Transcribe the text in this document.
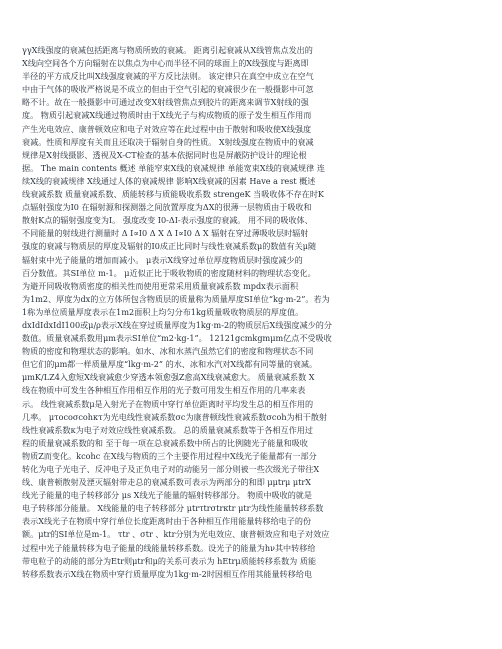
γγX线强度的衰减包括距离与物质所致的衰减。 距离引起衰减从X线管焦点发出的
X线向空间各个方向辐射在以焦点为中心而半径不同的球面上的X线强度与距离即
半径的平方成反比叫X线强度衰减的平方反比法则。 该定律只在真空中成立在空气
中由于气体的吸收严格说是不成立的但由于空气引起的衰减很少在一般摄影中可忽
略不计。故在一般摄影中可通过改变X射线管焦点到胶片的距离来调节X射线的强
度。 物质引起衰减X线通过物质时由于X线光子与构成物质的原子发生相互作用而
产生光电效应、康普顿效应和电子对效应等在此过程中由于散射和吸收使X线强度
衰减。性质和厚度有关而且还取决于辐射自身的性质。 X射线强度在物质中的衰减
规律是X射线摄影、透视及X-CT检查的基本依据同时也是屏蔽防护设计的理论根
据。 The main contents 概述 单能窄束X线的衰减规律 单能宽束X线的衰减规律 连
续X线的衰减规律 X线通过人体的衰减规律 影响X线衰减的因素 Have a rest 概述
线衰减系数 质量衰减系数、质能转移与质能吸收系数 strengeK 当吸收体不存在时K
点辐射强度为I0 在辐射源和探测器之间放置厚度为ΔX的很薄一层物质由于吸收和
散射K点的辐射强度变为I。 强度改变 I0-ΔI-表示强度的衰减。 用不同的吸收体、
不同能量的射线进行测量时 Δ I∝I0 Δ X Δ I∝I0 Δ X 辐射在穿过薄吸收层时辐射
强度的衰减与物质层的厚度及辐射的I0成正比同时与线性衰减系数μ的数值有关μ随
辐射束中光子能量的增加而减小。 μ表示X线穿过单位厚度物质层时强度减少的
百分数值。其SI单位 m-1。 μ近似正比于吸收物质的密度随材料的物理状态变化。
为避开同吸收物质密度的相关性而使用更常采用质量衰减系数 mpdx表示面积
为1m2、厚度为dx的立方体所包含物质层的质量称为质量厚度SI单位“kg·m-2”。若为
1称为单位质量厚度表示在1m2面积上均匀分布1kg质量吸收物质层的厚度值。
dxIdIdxIdI100或μ/ρ表示X线在穿过质量厚度为1kg·m-2的物质层后X线强度减少的分
数值。质量衰减系数用μm表示SI单位“m2·kg-1”。 12121gcmkgmμm亿点不受吸收
物质的密度和物理状态的影响。如水、冰和水蒸汽虽然它们的密度和物理状态不同
但它们的μm都一样质量厚度“lkg·m-2” 的水、冰和水汽对X线都有同等量的衰减。
μmK/LZ4入愈短X线衰减愈少穿透本领愈强Z愈高X线衰减愈大。 质量衰减系数 X
线在物质中可发生各种相互作用相互作用的光子数可用发生相互作用的几率来表
示。 线性衰减系数μ是入射光子在物质中穿行单位距离时平均发生总的相互作用的
几率。 μτocoσcohκτ为光电线性衰减系数σc为康普顿线性衰减系数σcoh为相干散射
线性衰减系数κ为电子对效应线性衰减系数。 总的质量衰减系数等于各相互作用过
程的质量衰减系数的和 至于每一项在总衰减系数中所占的比例随光子能量和吸收
物质Z而变化。kcohc 在X线与物质的三个主要作用过程中X线光子能量都有一部分
转化为电子光电子、反冲电子及正负电子对的动能另一部分则被一些次级光子带往X
线、康普顿散射及湮灭辐射带走总的衰减系数可表示为两部分的和即 μμtrμ μtrX
线光子能量的电子转移部分 μs X线光子能量的辐射转移部分。 物质中吸收的就是
电子转移部分能量。 X线能量的电子转移部分 μtrτtrσtrκtr μtr为线性能量转移系数
表示X线光子在物质中穿行单位长度距离时由于各种相互作用能量转移给电子的份
额。μtr的SI单位是m-1。 τtr 、σtr 、ktr分别为光电效应、康普顿效应和电子对效应
过程中光子能量转移为电子能量的线能量转移系数。设光子的能量为hν其中转移给
带电粒子的动能的部分为Etr则μtr和μ的关系可表示为 hEtrμ质能转移系数为 质能
转移系数表示X线在物质中穿行质量厚度为1kg·m-2时因相互作用其能量转移给电
